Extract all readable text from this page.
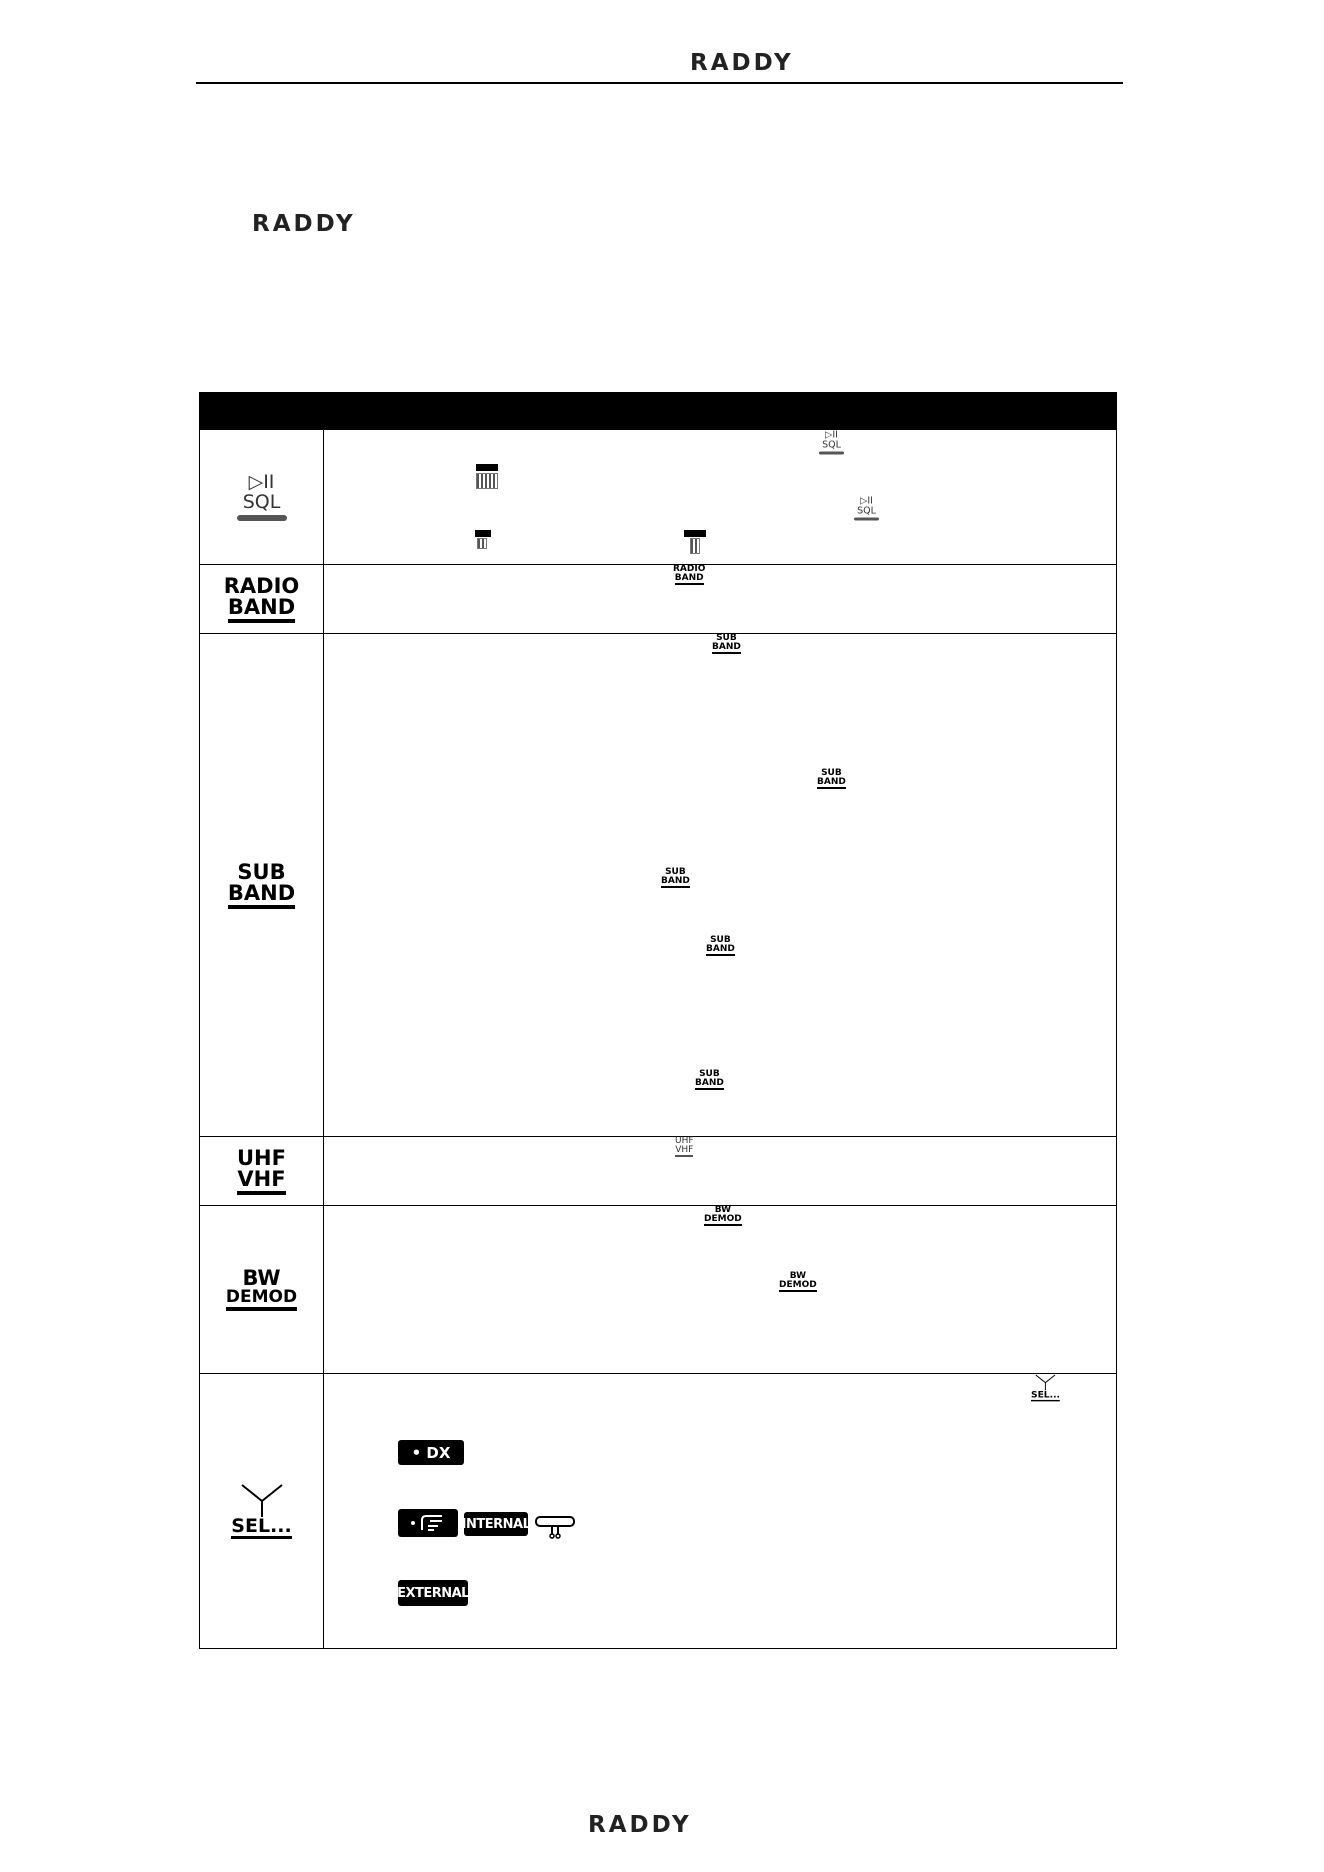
RADDY
RADDY
▷II
SQL
▷II
SQL
▷II
SQL
RADIO
BAND
RADIO
BAND
SUB
BAND
SUB
BAND
SUB
BAND
SUB
BAND
SUB
BAND
SUB
BAND
UHF
VHF
UHF
VHF
BW
DEMOD
BW
DEMOD
BW
DEMOD
SEL...
SEL...
• DX
INTERNAL
EXTERNAL
RADDY
